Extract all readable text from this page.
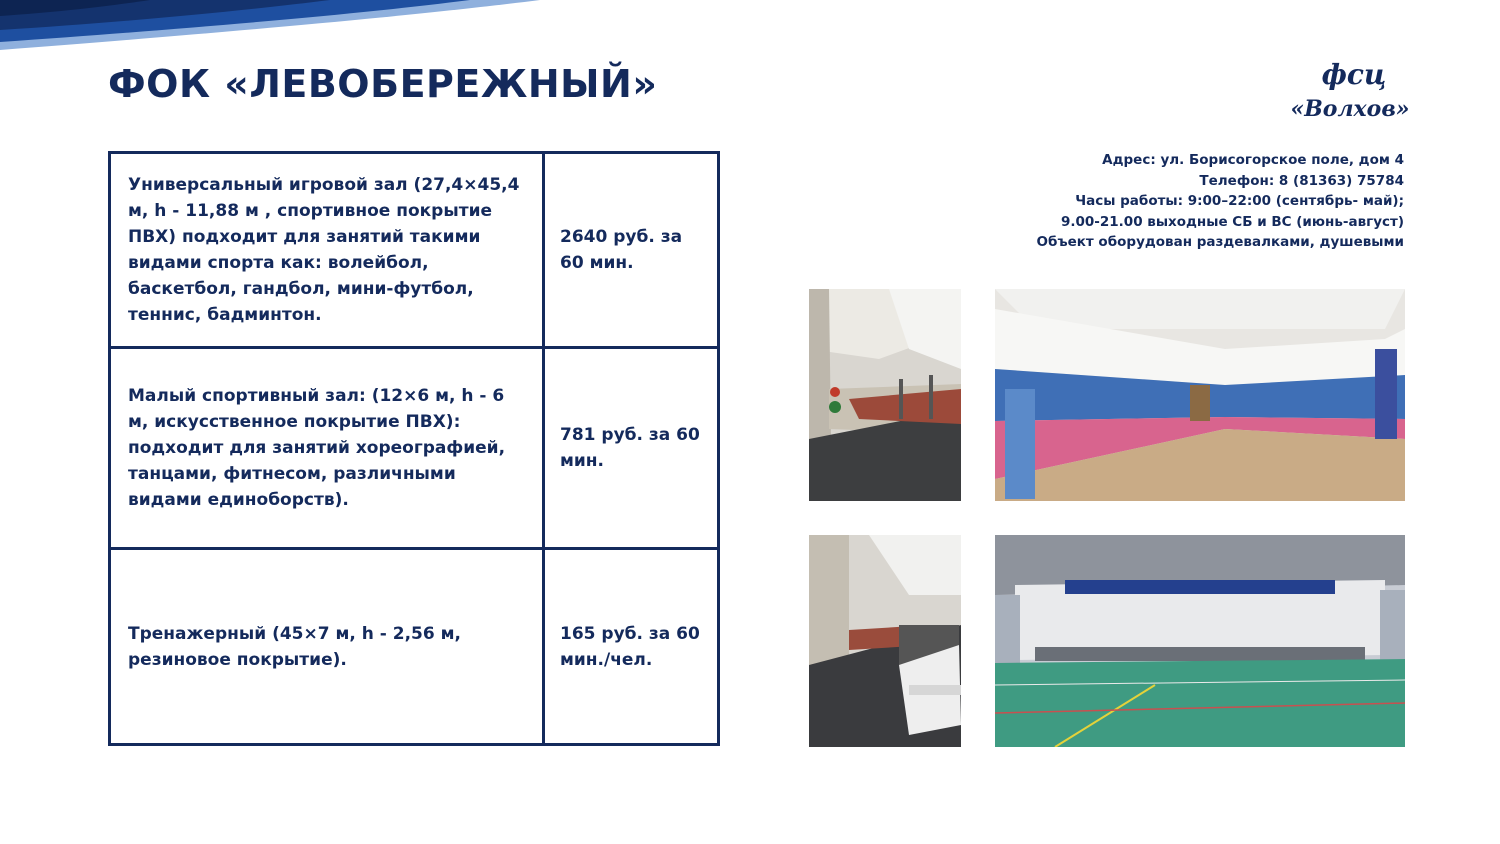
ФОК «ЛЕВОБЕРЕЖНЫЙ»	фсц
«Волхов»
Адрес: ул. Борисогорское поле, дом 4
Телефон: 8 (81363) 75784
Часы работы: 9:00–22:00 (сентябрь- май);
9.00-21.00 выходные СБ и ВС (июнь-август)
Объект оборудован раздевалками, душевыми
Универсальный игровой зал (27,4×45,4 м, h - 11,88 м , спортивное покрытие ПВХ) подходит для занятий такими видами спорта как: волейбол, баскетбол, гандбол, мини-футбол, теннис, бадминтон.	2640 руб. за 60 мин.
Малый спортивный зал: (12×6 м, h - 6 м, искусственное покрытие ПВХ): подходит для занятий хореографией, танцами, фитнесом, различными видами единоборств).	781 руб. за 60 мин.
Тренажерный (45×7 м, h - 2,56 м, резиновое покрытие).	165 руб. за 60 мин./чел.
